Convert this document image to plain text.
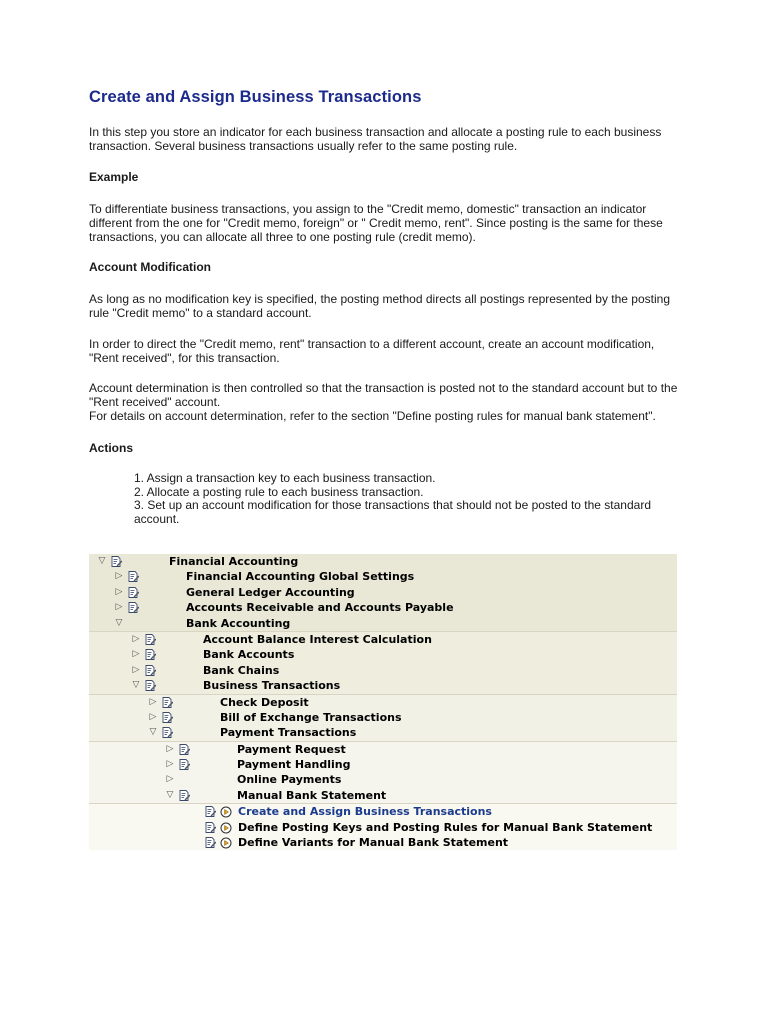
Create and Assign Business Transactions

In this step you store an indicator for each business transaction and allocate a posting rule to each business transaction. Several business transactions usually refer to the same posting rule.

Example

To differentiate business transactions, you assign to the "Credit memo, domestic" transaction an indicator different from the one for "Credit memo, foreign" or " Credit memo, rent". Since posting is the same for these transactions, you can allocate all three to one posting rule (credit memo).

Account Modification

As long as no modification key is specified, the posting method directs all postings represented by the posting rule "Credit memo" to a standard account.

In order to direct the "Credit memo, rent" transaction to a different account, create an account modification, "Rent received", for this transaction.

Account determination is then controlled so that the transaction is posted not to the standard account but to the "Rent received" account.

For details on account determination, refer to the section "Define posting rules for manual bank statement".

Actions

1. Assign a transaction key to each business transaction.
2. Allocate a posting rule to each business transaction.
3. Set up an account modification for those transactions that should not be posted to the standard account.
▽	Financial Accounting
▷	Financial Accounting Global Settings
▷	General Ledger Accounting
▷	Accounts Receivable and Accounts Payable
▽	Bank Accounting
▷	Account Balance Interest Calculation
▷	Bank Accounts
▷	Bank Chains
▽	Business Transactions
▷	Check Deposit
▷	Bill of Exchange Transactions
▽	Payment Transactions
▷	Payment Request
▷	Payment Handling
▷	Online Payments
▽	Manual Bank Statement
Create and Assign Business Transactions
Define Posting Keys and Posting Rules for Manual Bank Statement
Define Variants for Manual Bank Statement
